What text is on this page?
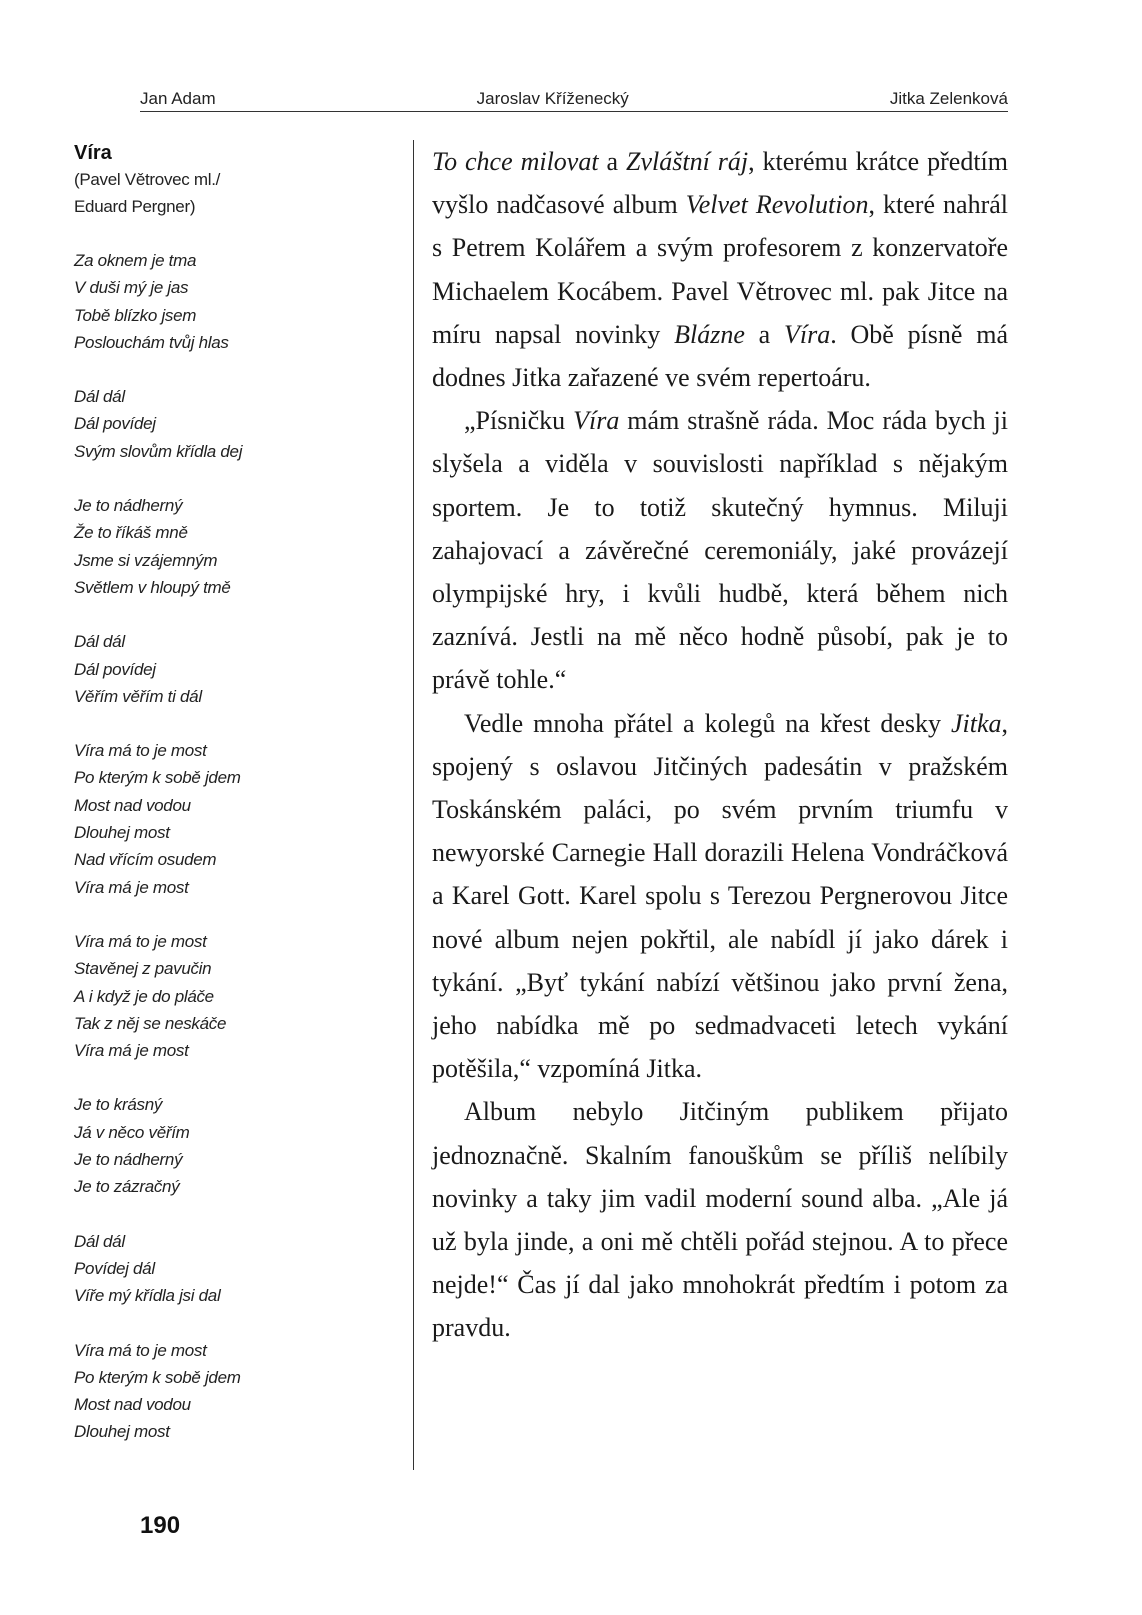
Jan Adam	Jaroslav Kříženecký	Jitka Zelenková
Víra
(Pavel Větrovec ml./
Eduard Pergner)
Za oknem je tma
V duši mý je jas
Tobě blízko jsem
Poslouchám tvůj hlas
Dál dál
Dál povídej
Svým slovům křídla dej
Je to nádherný
Že to říkáš mně
Jsme si vzájemným
Světlem v hloupý tmě
Dál dál
Dál povídej
Věřím věřím ti dál
Víra má to je most
Po kterým k sobě jdem
Most nad vodou
Dlouhej most
Nad vřícím osudem
Víra má je most
Víra má to je most
Stavěnej z pavučin
A i když je do pláče
Tak z něj se neskáče
Víra má je most
Je to krásný
Já v něco věřím
Je to nádherný
Je to zázračný
Dál dál
Povídej dál
Víře mý křídla jsi dal
Víra má to je most
Po kterým k sobě jdem
Most nad vodou
Dlouhej most

To chce milovat a Zvláštní ráj, kterému krátce předtím vyšlo nadčasové album Velvet Revolution, které nahrál s Petrem Kolářem a svým profesorem z konzervatoře Michaelem Kocábem. Pavel Větrovec ml. pak Jitce na míru napsal novinky Blázne a Víra. Obě písně má dodnes Jitka zařazené ve svém repertoáru.

„Písničku Víra mám strašně ráda. Moc ráda bych ji slyšela a viděla v souvislosti například s nějakým sportem. Je to totiž skutečný hymnus. Miluji zahajovací a závěrečné ceremoniály, jaké provázejí olympijské hry, i kvůli hudbě, která během nich zaznívá. Jestli na mě něco hodně působí, pak je to právě tohle.“

Vedle mnoha přátel a kolegů na křest desky Jitka, spojený s oslavou Jitčiných padesátin v pražském Toskánském paláci, po svém prvním triumfu v newyorské Carnegie Hall dorazili Helena Vondráčková a Karel Gott. Karel spolu s Terezou Pergnerovou Jitce nové album nejen pokřtil, ale nabídl jí jako dárek i tykání. „Byť tykání nabízí většinou jako první žena, jeho nabídka mě po sedmadvaceti letech vykání potěšila,“ vzpomíná Jitka.

Album nebylo Jitčiným publikem přijato jednoznačně. Skalním fanouškům se příliš nelíbily novinky a taky jim vadil moderní sound alba. „Ale já už byla jinde, a oni mě chtěli pořád stejnou. A to přece nejde!“ Čas jí dal jako mnohokrát předtím i potom za pravdu.

190
